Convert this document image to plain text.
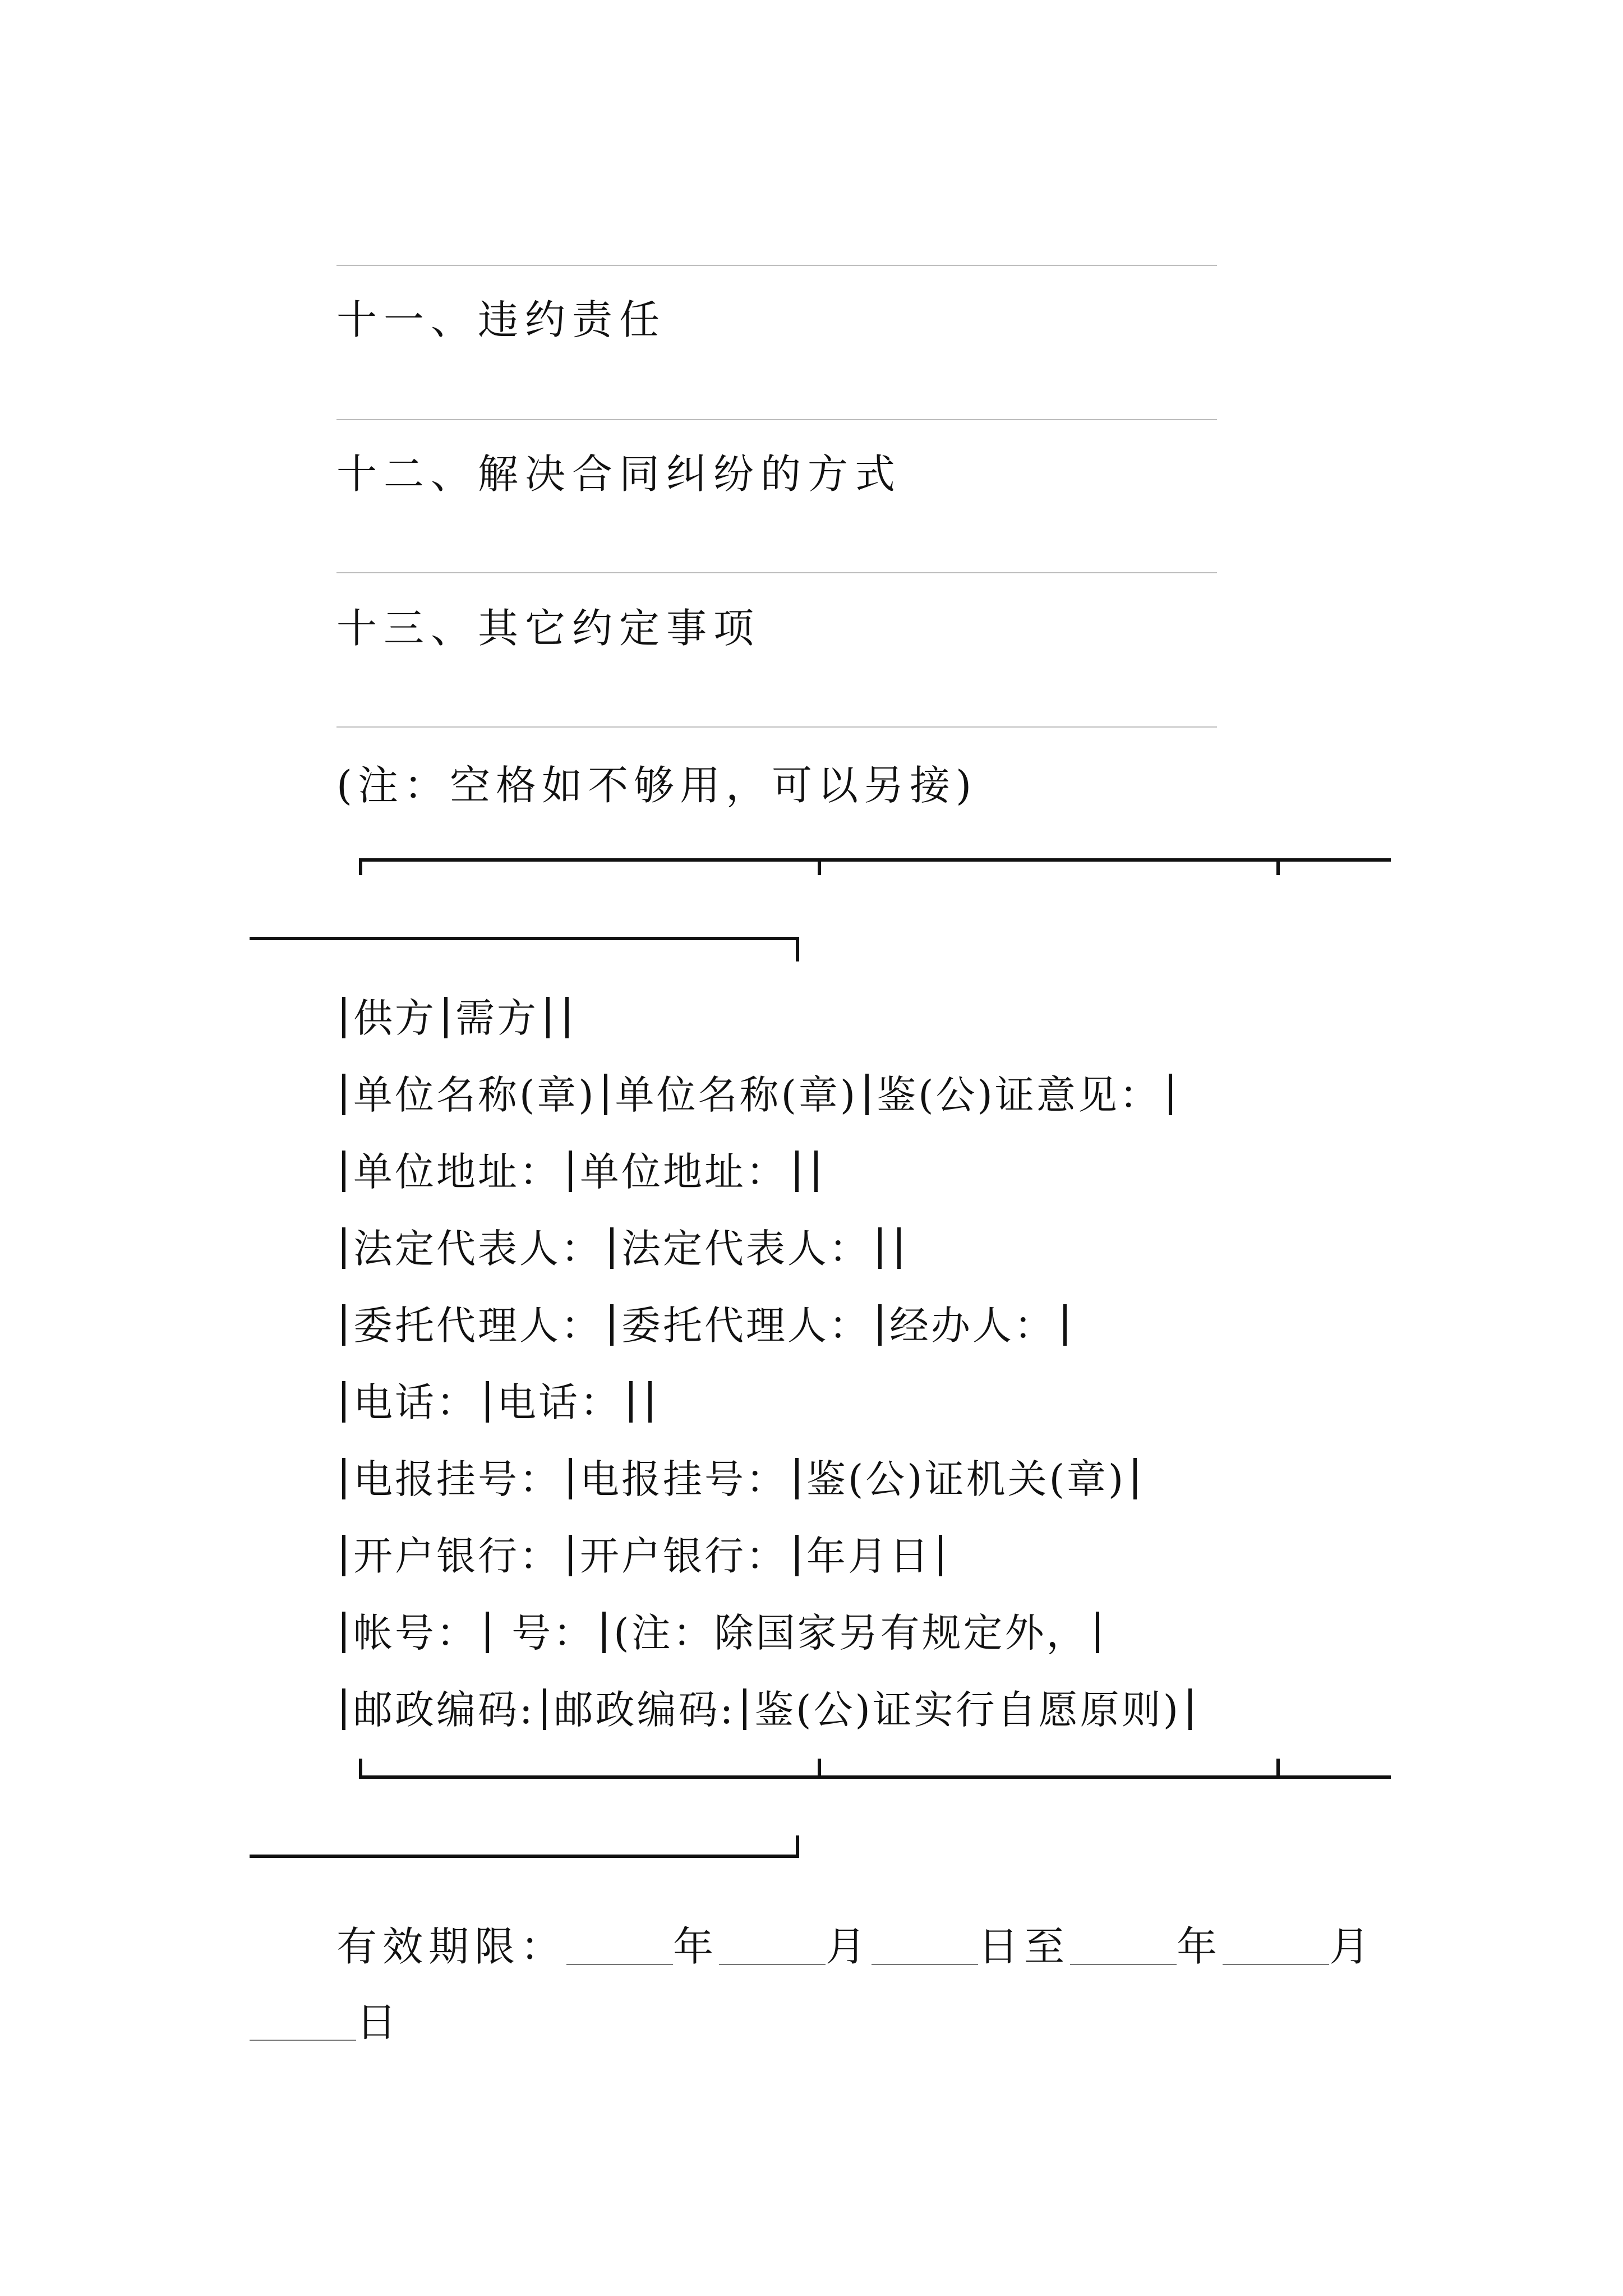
十一、违约责任
十二、解决合同纠纷的方式
十三、其它约定事项
(注：空格如不够用，可以另接)
供方 需方
单位名称(章) 单位名称(章) 鉴(公)证意见：
单位地址： 单位地址：
法定代表人： 法定代表人：
委托代理人： 委托代理人： 经办人：
电话： 电话：
电报挂号： 电报挂号： 鉴(公)证机关(章)
开户银行： 开户银行： 年月日
帐号： 号： (注：除国家另有规定外，
邮政编码: 邮政编码: 鉴(公)证实行自愿原则)
有效期限：	年	月	日至	年	月
日
